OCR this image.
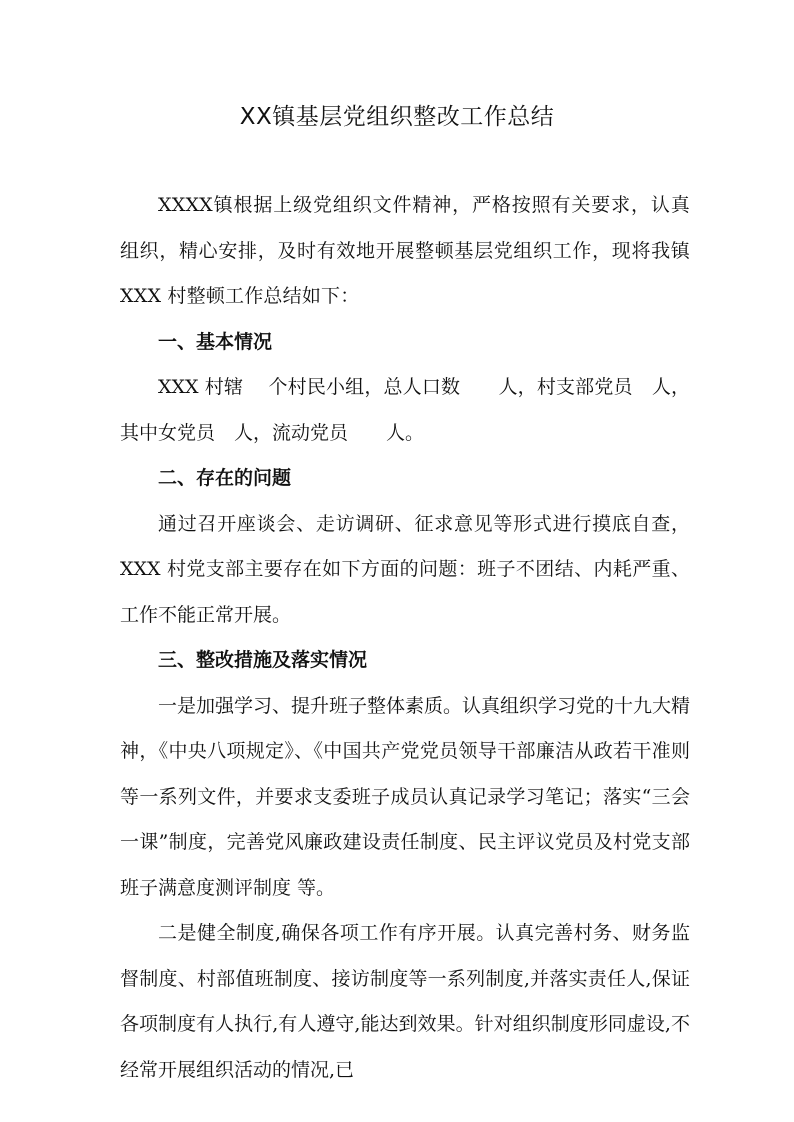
XX镇基层党组织整改工作总结

XXXX镇根据上级党组织文件精神，严格按照有关要求，认真组织，精心安排，及时有效地开展整顿基层党组织工作，现将我镇XXX 村整顿工作总结如下：

一、基本情况

XXX 村辖　 个村民小组，总人口数　　人，村支部党员　人，其中女党员　人，流动党员　　人。

二、存在的问题

通过召开座谈会、走访调研、征求意见等形式进行摸底自查，XXX 村党支部主要存在如下方面的问题：班子不团结、内耗严重、工作不能正常开展。

三、整改措施及落实情况

一是加强学习、提升班子整体素质。认真组织学习党的十九大精神，《中央八项规定》、《中国共产党党员领导干部廉洁从政若干准则等一系列文件，并要求支委班子成员认真记录学习笔记；落实“三会一课”制度，完善党风廉政建设责任制度、民主评议党员及村党支部班子满意度测评制度 等。

二是健全制度,确保各项工作有序开展。认真完善村务、财务监督制度、村部值班制度、接访制度等一系列制度,并落实责任人,保证各项制度有人执行,有人遵守,能达到效果。针对组织制度形同虚设,不经常开展组织活动的情况,已
